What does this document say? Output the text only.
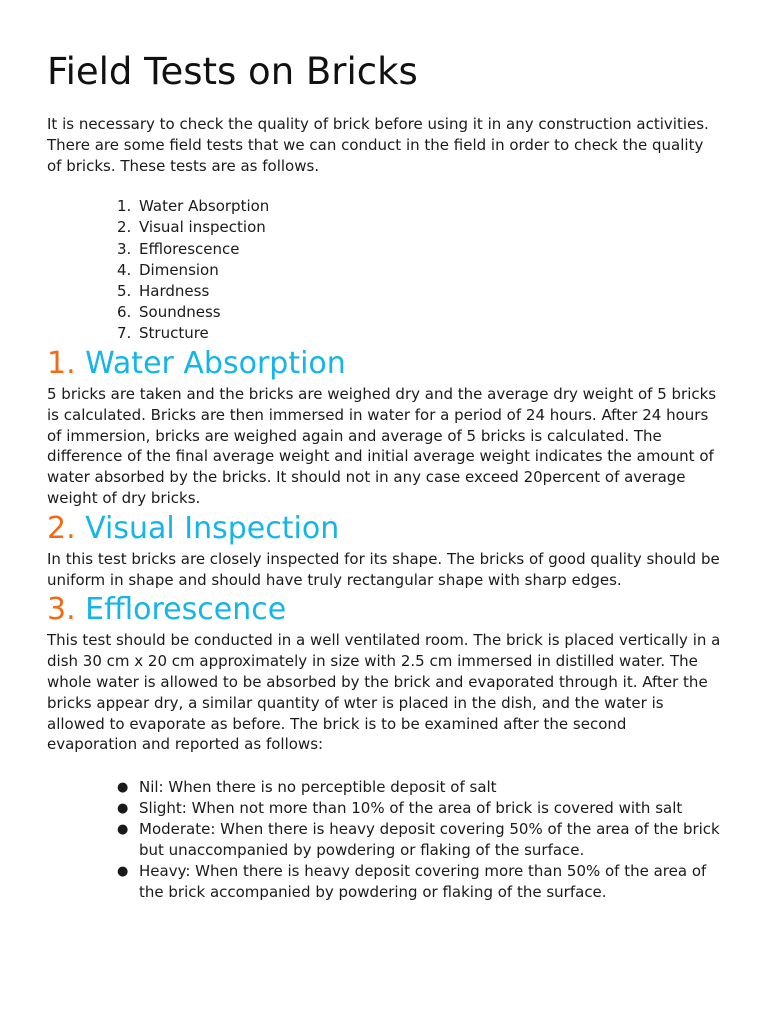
Field Tests on Bricks

It is necessary to check the quality of brick before using it in any construction activities. There are some field tests that we can conduct in the field in order to check the quality of bricks. These tests are as follows.

1. Water Absorption
2. Visual inspection
3. Efflorescence
4. Dimension
5. Hardness
6. Soundness
7. Structure
1. Water Absorption

5 bricks are taken and the bricks are weighed dry and the average dry weight of 5 bricks is calculated. Bricks are then immersed in water for a period of 24 hours. After 24 hours of immersion, bricks are weighed again and average of 5 bricks is calculated. The difference of the final average weight and initial average weight indicates the amount of water absorbed by the bricks. It should not in any case exceed 20percent of average weight of dry bricks.

2. Visual Inspection

In this test bricks are closely inspected for its shape. The bricks of good quality should be uniform in shape and should have truly rectangular shape with sharp edges.

3. Efflorescence

This test should be conducted in a well ventilated room. The brick is placed vertically in a dish 30 cm x 20 cm approximately in size with 2.5 cm immersed in distilled water. The whole water is allowed to be absorbed by the brick and evaporated through it. After the bricks appear dry, a similar quantity of wter is placed in the dish, and the water is allowed to evaporate as before. The brick is to be examined after the second evaporation and reported as follows:

● Nil: When there is no perceptible deposit of salt
● Slight: When not more than 10% of the area of brick is covered with salt
● Moderate: When there is heavy deposit covering 50% of the area of the brick but unaccompanied by powdering or flaking of the surface.
● Heavy: When there is heavy deposit covering more than 50% of the area of the brick accompanied by powdering or flaking of the surface.
